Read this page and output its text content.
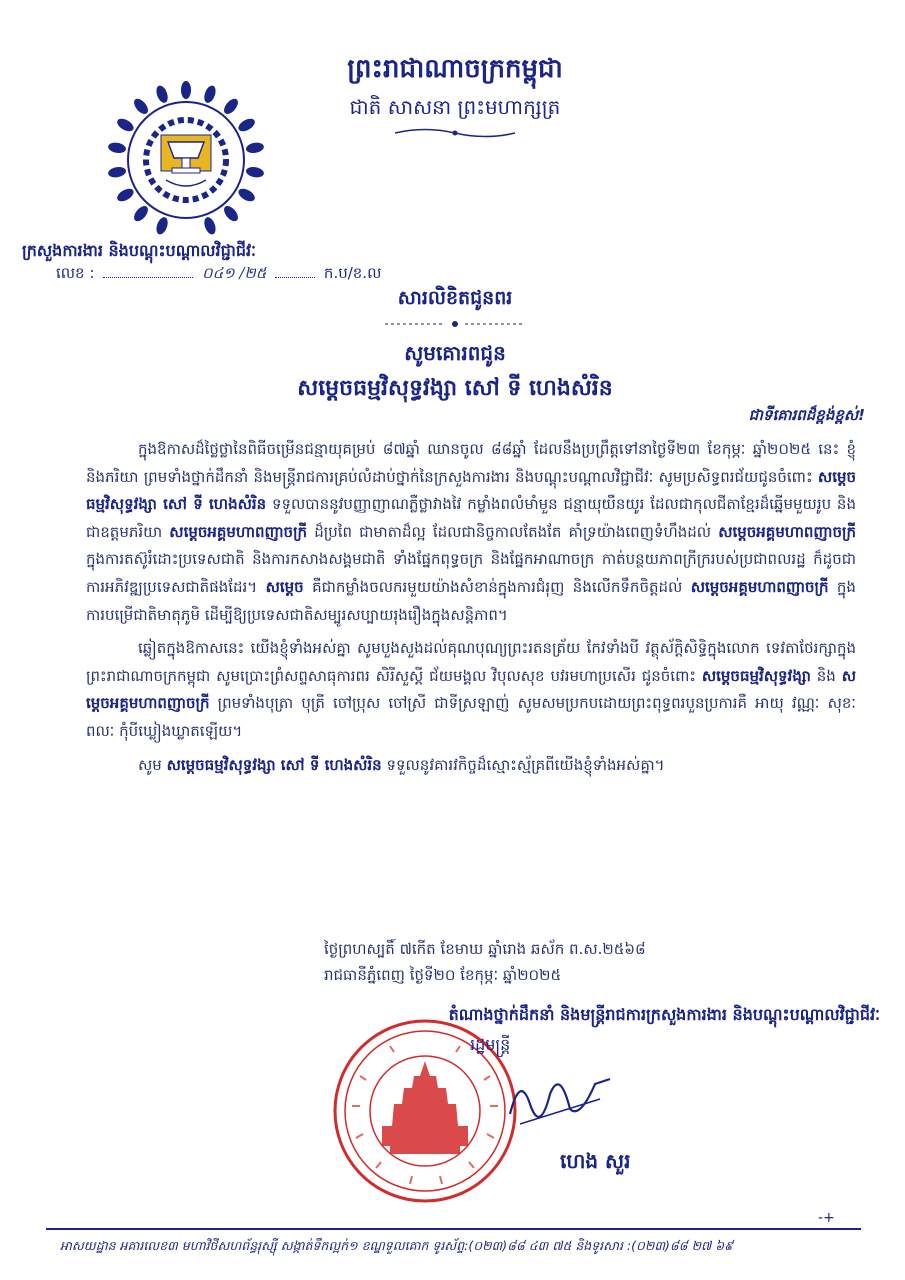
ព្រះរាជាណាចក្រកម្ពុជា
ជាតិ សាសនា ព្រះមហាក្សត្រ
ក្រសួងការងារ និងបណ្តុះបណ្តាលវិជ្ជាជីវៈ
លេខ :	០៤១ /២៥	ក.ប/ខ.ល
សារលិខិតជូនពរ
សូមគោរពជូន
សម្តេចធម្មវិសុទ្ធវង្សា សៅ ទី ហេងសំរិន
ជាទីគោរពដ៏ខ្ពង់ខ្ពស់!

ក្នុងឱកាសដ៏ថ្លៃថ្លានៃពិធីចម្រើនជន្មាយុគម្រប់ ៨៧ឆ្នាំ ឈានចូល ៨៨ឆ្នាំ ដែលនឹងប្រព្រឹត្តទៅនាថ្ងៃទី២៣ ខែកុម្ភៈ ឆ្នាំ២០២៥ នេះ ខ្ញុំ និងភរិយា ព្រមទាំងថ្នាក់ដឹកនាំ និងមន្ត្រីរាជការគ្រប់លំដាប់ថ្នាក់នៃក្រសួងការងារ និងបណ្តុះបណ្តាលវិជ្ជាជីវៈ សូមប្រសិទ្ធពរជ័យជូនចំពោះ សម្តេចធម្មវិសុទ្ធវង្សា សៅ ទី ហេងសំរិន ទទួលបាននូវបញ្ញាញាណភ្លឺថ្លាវាងវៃ កម្លាំងពលំមាំមួន ជន្មាយុយឺនយូរ ដែលជាកុលជីតាខ្មែរដ៏ឆ្នើមមួយរូប និងជាឧត្តមភរិយា សម្តេចអគ្គមហាពញាចក្រី ដ៏ប្រពៃ ជាមាតាដ៏ល្អ ដែលជានិច្ចកាលតែងតែ គាំទ្រយ៉ាងពេញទំហឹងដល់ សម្តេចអគ្គមហាពញាចក្រី ក្នុងការតស៊ូរំដោះប្រទេសជាតិ និងការកសាងសង្គមជាតិ ទាំងផ្នែកពុទ្ធចក្រ និងផ្នែកអាណាចក្រ កាត់បន្ថយភាពក្រីក្ររបស់ប្រជាពលរដ្ឋ ក៏ដូចជាការអភិវឌ្ឍប្រទេសជាតិផងដែរ។ សម្តេច គឺជាកម្លាំងចលករមួយយ៉ាងសំខាន់ក្នុងការជំរុញ និងលើកទឹកចិត្តដល់ សម្តេចអគ្គមហាពញាចក្រី ក្នុងការបម្រើជាតិមាតុភូមិ ដើម្បីឱ្យប្រទេសជាតិសម្បូរសប្បាយរុងរឿងក្នុងសន្តិភាព។

ឆ្លៀតក្នុងឱកាសនេះ យើងខ្ញុំទាំងអស់គ្នា សូមបួងសួងដល់គុណបុណ្យព្រះរតនត្រ័យ កែវទាំងបី វត្ថុស័ក្តិសិទ្ធិក្នុងលោក ទេវតាថែរក្សាក្នុងព្រះរាជាណាចក្រកម្ពុជា សូមប្រោះព្រំសព្ទសាធុការពរ សិរីសួស្តី ជ័យមង្គល វិបុលសុខ បវរមហាប្រសើរ ជូនចំពោះ សម្តេចធម្មវិសុទ្ធវង្សា និង សម្តេចអគ្គមហាពញាចក្រី ព្រមទាំងបុត្រា បុត្រី ចៅប្រុស ចៅស្រី ជាទីស្រឡាញ់ សូមសមប្រកបដោយព្រះពុទ្ធពរបួនប្រការគឺ អាយុ វណ្ណៈ សុខៈ ពលៈ កុំបីឃ្លៀងឃ្លាតឡើយ។

សូម សម្តេចធម្មវិសុទ្ធវង្សា សៅ ទី ហេងសំរិន ទទួលនូវគារវកិច្ចដ៏ស្មោះស្ម័គ្រពីយើងខ្ញុំទាំងអស់គ្នា។

ថ្ងៃព្រហស្បតិ៍ ៧កើត ខែមាឃ ឆ្នាំរោង ឆស័ក ព.ស.២៥៦៨
រាជធានីភ្នំពេញ ថ្ងៃទី២០ ខែកុម្ភៈ ឆ្នាំ២០២៥
តំណាងថ្នាក់ដឹកនាំ និងមន្ត្រីរាជការក្រសួងការងារ និងបណ្តុះបណ្តាលវិជ្ជាជីវៈ
រដ្ឋមន្ត្រី
ហេង សួរ
-+
អាសយដ្ឋាន អគារលេខ៣ មហាវិថីសហព័ន្ធរុស្ស៊ី សង្កាត់ទឹកល្អក់១ ខណ្ឌទួលគោក ទូរស័ព្ទ:(០២៣)៨៨ ៤៣ ៧៥ និងទូរសារ :(០២៣)៨៨ ២៧ ៦៩
